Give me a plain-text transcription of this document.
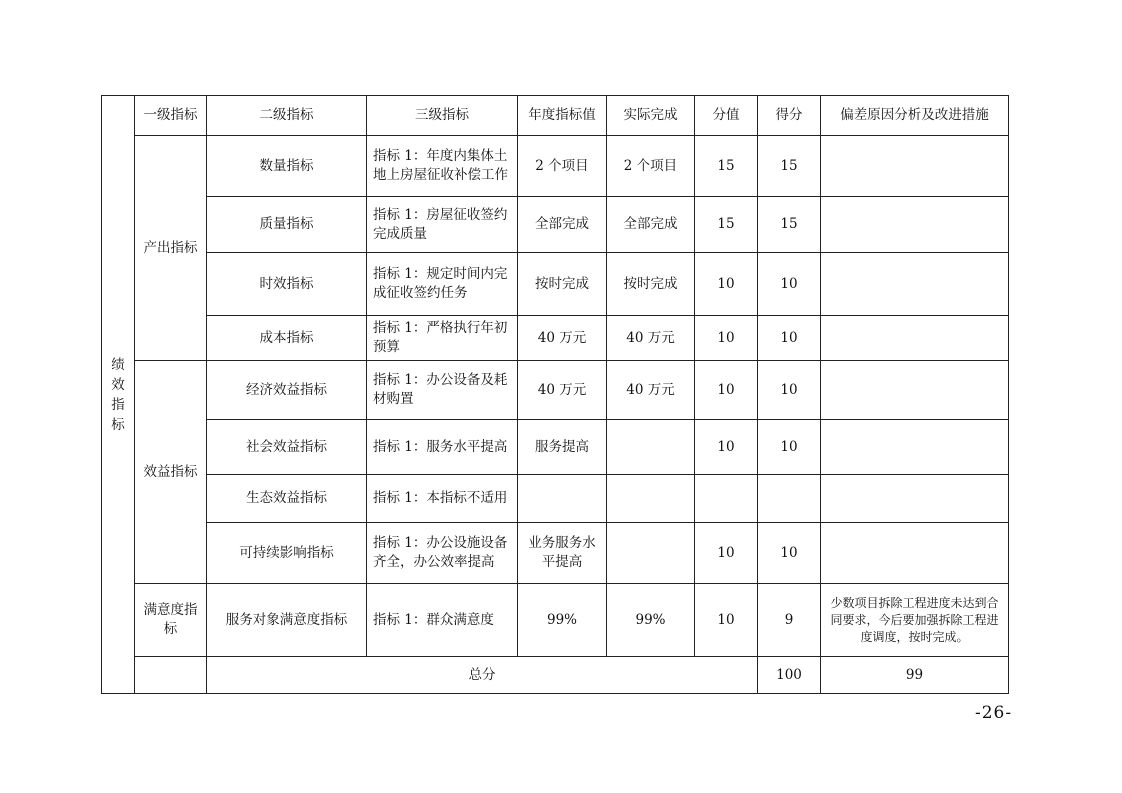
绩效指标	一级指标	二级指标	三级指标	年度指标值	实际完成	分值	得分	偏差原因分析及改进措施	
	产出指标	数量指标	指标 1：年度内集体土地上房屋征收补偿工作	2 个项目	2 个项目	15	15		
		质量指标	指标 1：房屋征收签约完成质量	全部完成	全部完成	15	15		
		时效指标	指标 1：规定时间内完成征收签约任务	按时完成	按时完成	10	10		
		成本指标	指标 1：严格执行年初预算	40 万元	40 万元	10	10		
	效益指标	经济效益指标	指标 1：办公设备及耗材购置	40 万元	40 万元	10	10		
		社会效益指标	指标 1：服务水平提高	服务提高		10	10		
		生态效益指标	指标 1：本指标不适用						
		可持续影响指标	指标 1：办公设施设备齐全，办公效率提高	业务服务水平提高		10	10		
	满意度指标	服务对象满意度指标	指标 1：群众满意度	99%	99%	10	9	少数项目拆除工程进度未达到合同要求，今后要加强拆除工程进度调度，按时完成。	
		总分					100	99	
-26-
